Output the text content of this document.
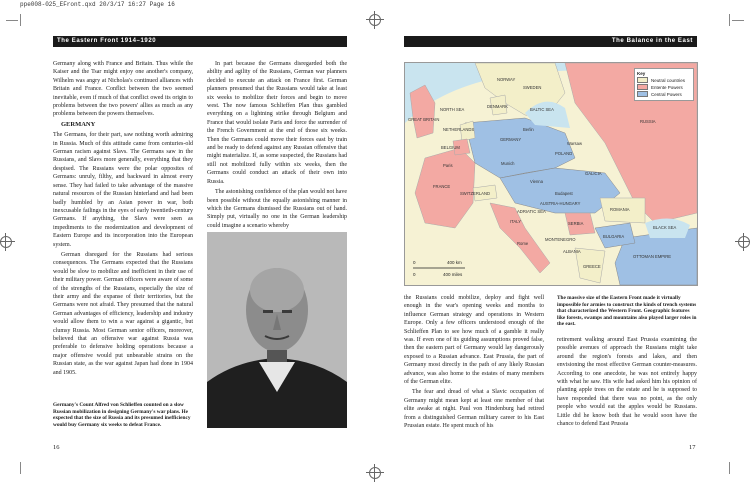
ppe008-025_EFront.qxd 20/3/17 16:27 Page 16
The Eastern Front 1914–1920	The Balance in the East

Germany along with France and Britain. Thus while the Kaiser and the Tsar might enjoy one another's company, Wilhelm was angry at Nicholas's continued alliances with Britain and France. Conflict between the two seemed inevitable, even if much of that conflict owed its origin to problems between the two powers' allies as much as any problems between the powers themselves.

GERMANY

The Germans, for their part, saw nothing worth admiring in Russia. Much of this attitude came from centuries-old German racism against Slavs. The Germans saw in the Russians, and Slavs more generally, everything that they despised. The Russians were the polar opposites of Germans: unruly, filthy, and backward in almost every sense. They had failed to take advantage of the massive natural resources of the Russian hinterland and had been badly humbled by an Asian power in war, both inexcusable failings in the eyes of early twentieth-century Germans. If anything, the Slavs were seen as impediments to the modernization and development of Eastern Europe and its incorporation into the European system.

German disregard for the Russians had serious consequences. The Germans expected that the Russians would be slow to mobilize and inefficient in their use of their military power. German officers were aware of some of the strengths of the Russians, especially the size of their army and the expanse of their territories, but the Germans were not afraid. They presumed that the natural German advantages of efficiency, leadership and industry would allow them to win a war against a gigantic, but clumsy Russia. Most German senior officers, moreover, believed that an offensive war against Russia was preferable to defensive holding operations because a major offensive would put unbearable strains on the Russian state, as the war against Japan had done in 1904 and 1905.

Germany's Count Alfred von Schlieffen counted on a slow Russian mobilization in designing Germany's war plans. He expected that the size of Russia and its presumed inefficiency would buy Germany six weeks to defeat France.

In part because the Germans disregarded both the ability and agility of the Russians, German war planners decided to execute an attack on France first. German planners presumed that the Russians would take at least six weeks to mobilize their forces and begin to move west. The now famous Schlieffen Plan thus gambled everything on a lightning strike through Belgium and France that would isolate Paris and force the surrender of the French Government at the end of those six weeks. Then the Germans could move their forces east by train and be ready to defend against any Russian offensive that might materialize. If, as some suspected, the Russians had still not mobilized fully within six weeks, then the Germans could conduct an attack of their own into Russia.

The astonishing confidence of the plan would not have been possible without the equally astonishing manner in which the Germans dismissed the Russians out of hand. Simply put, virtually no one in the German leadership could imagine a scenario whereby

16	17
BALTIC SEA
NORWAY
SWEDEN
RUSSIA
NORTH SEA
DENMARK
GREAT BRITAIN
NETHERLANDS
BELGIUM
GERMANY
Berlin
Warsaw
Paris
FRANCE
Munich
POLAND
GALICIA
Vienna
Budapest
AUSTRIA-HUNGARY
SWITZERLAND
ITALY
ROMANIA
SERBIA
BULGARIA
BLACK SEA
MONTENEGRO
Rome
ALBANIA
GREECE
OTTOMAN EMPIRE
ADRIATIC SEA
0	400 km
0	400 miles
Key
Neutral countries
Entente Powers
Central Powers
The massive size of the Eastern Front made it virtually impossible for armies to construct the kinds of trench systems that characterized the Western Front. Geographic features like forests, swamps and mountains also played larger roles in the east.

the Russians could mobilize, deploy and fight well enough in the war's opening weeks and months to influence German strategy and operations in Western Europe. Only a few officers understood enough of the Schlieffen Plan to see how much of a gamble it really was. If even one of its guiding assumptions proved false, then the eastern part of Germany would lay dangerously exposed to a Russian advance. East Prussia, the part of Germany most directly in the path of any likely Russian advance, was also home to the estates of many members of the German elite.

The fear and dread of what a Slavic occupation of Germany might mean kept at least one member of that elite awake at night. Paul von Hindenburg had retired from a distinguished German military career to his East Prussian estate. He spent much of his

retirement walking around East Prussia examining the possible avenues of approach the Russians might take around the region's forests and lakes, and then envisioning the most effective German counter-measures. According to one anecdote, he was not entirely happy with what he saw. His wife had asked him his opinion of planting apple trees on the estate and he is supposed to have responded that there was no point, as the only people who would eat the apples would be Russians. Little did he know both that he would soon have the chance to defend East Prussia
